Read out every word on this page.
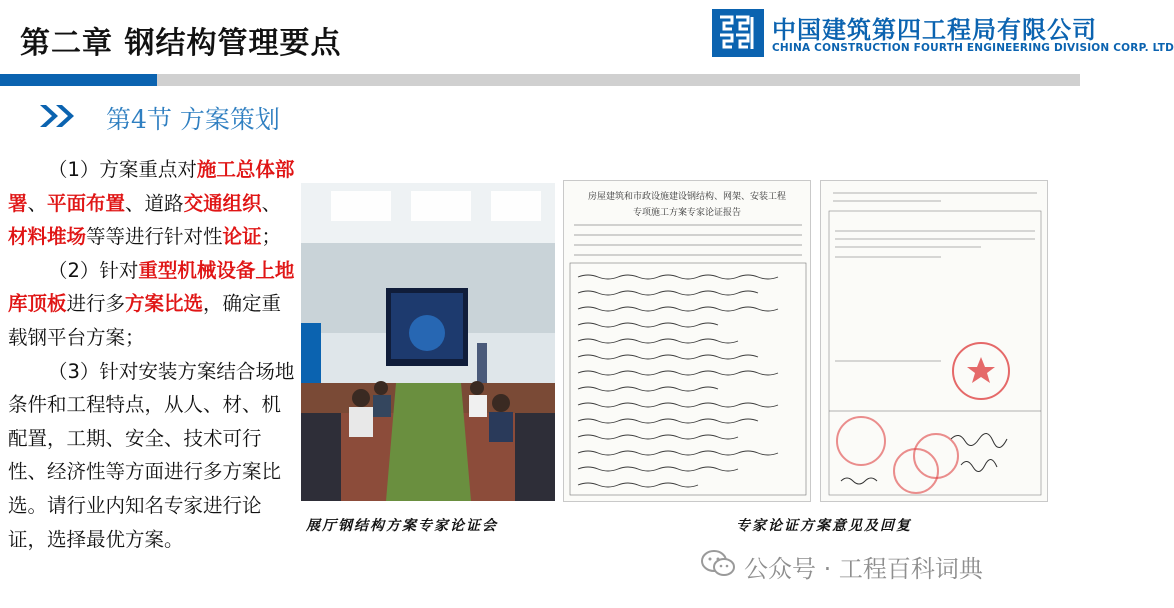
第二章 钢结构管理要点	中国建筑第四工程局有限公司
CHINA CONSTRUCTION FOURTH ENGINEERING DIVISION CORP. LTD
第4节 方案策划

（1）方案重点对施工总体部署、平面布置、道路交通组织、材料堆场等等进行针对性论证；

（2）针对重型机械设备上地库顶板进行多方案比选，确定重载钢平台方案；

（3）针对安装方案结合场地条件和工程特点，从人、材、机配置，工期、安全、技术可行性、经济性等方面进行多方案比选。请行业内知名专家进行论证，选择最优方案。

房屋建筑和市政设施建设钢结构、网架、安装工程
专项施工方案专家论证报告
展厅钢结构方案专家论证会	专家论证方案意见及回复
公众号 · 工程百科词典
